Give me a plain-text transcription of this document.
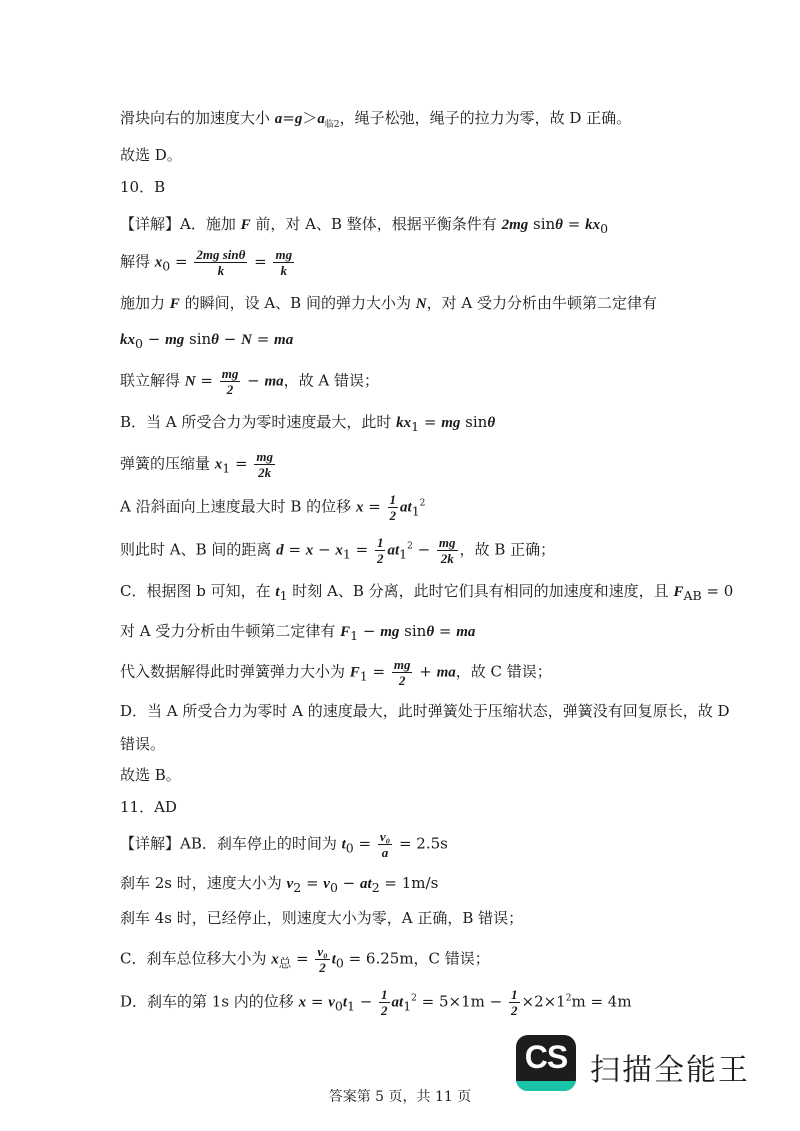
滑块向右的加速度大小 $a=g>a_{临2}$，绳子松弛，绳子的拉力为零，故 D 正确。
故选 D。
10．B
【详解】A．施加 F 前，对 A、B 整体，根据平衡条件有 2mg $\sin\theta = kx_0$
解得 $x_0 = \frac{\text{2mg sinθ}}{k} = \frac{mg}{k}$
施加力 F 的瞬间，设 A、B 间的弹力大小为 N，对 A 受力分析由牛顿第二定律有
$kx_0$ − mg sinθ − N = ma
联立解得 $N = \frac{mg}{2}$ − ma，故 A 错误；
B．当 A 所受合力为零时速度最大，此时 $kx_1$ = mg sinθ
弹簧的压缩量 $x_1 = \frac{mg}{2k}$
A 沿斜面向上速度最大时 B 的位移 $x = \frac{1}{2} at_1^2$
则此时 A、B 间的距离 $d = x - x_1 = \frac{1}{2} at_1^2 - \frac{mg}{2k}$ ，故 B 正确；
C．根据图 b 可知，在 $t_1$ 时刻 A、B 分离，此时它们具有相同的加速度和速度，且 $F_{AB} = 0$
对 A 受力分析由牛顿第二定律有 $F_1$ − mg sinθ = ma
代入数据解得此时弹簧弹力大小为 $F_1 = \frac{mg}{2}$ + ma，故 C 错误；
D．当 A 所受合力为零时 A 的速度最大，此时弹簧处于压缩状态，弹簧没有回复原长，故 D
错误。
故选 B。
11．AD
【详解】AB．刹车停止的时间为 $t_0 = \frac{\text{v₀}}{a} = 2.5s$
刹车 2s 时，速度大小为 $v_2 = v_0 - at_2 = 1m/s$
刹车 4s 时，已经停止，则速度大小为零，A 正确，B 错误；
C．刹车总位移大小为 $x_总 = \frac{\text{v₀}}{2} t_0 = 6.25m$，C 错误；
D．刹车的第 1s 内的位移 $x = v_0t_1 - \frac{1}{2} at_1^2 = 5\times 1m - \frac{1}{2} \times 2\times 1^2m = 4m$
CS 扫描全能王
答案第 5 页，共 11 页
